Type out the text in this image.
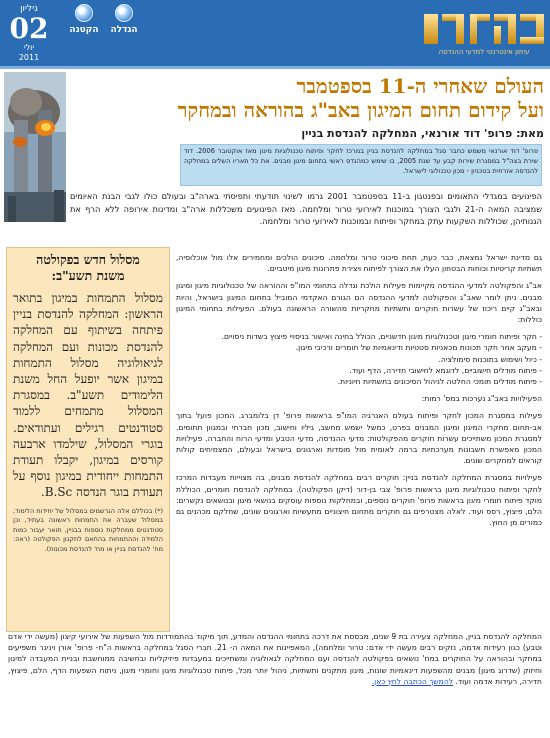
גיליון
02
יולי
2011
הקטנה	הגדלה
עיתון אינטרנטי למדעי ההנדסה
העולם שאחרי ה-11 בספטמבר
ועל קידום תחום המיגון באב"ג בהוראה ובמחקר
מאת: פרופ' דוד אורנאי, המחלקה להנדסת בניין
פרופ' דוד אורנאי משמש כחבר סגל במחלקה להנדסת בניין במרכז לחקר ופיתוח טכנולוגיות מיגון מאז אוקטובר 2006. דוד שירת בצה"ל במסגרת שירות קבע עד שנת 2005, בו שימש כמהנדס ראשי בתחום מיגון מבנים. את כל תאריו השלים במחלקה להנדסה אזרחית בטכניון - מכון טכנולוגי לישראל.
הפיגועים במגדלי התאומים ובפנטגון ב-11 בספטמבר 2001 גרמו לשינוי תודעתי ותפיסתי בארה"ב ובעולם כולו לגבי הבנת האיומים שמציבה המאה ה-21 ולגבי הצורך במוכנות לאירועי טרור ומלחמה. מאז הפיגועים משכללות ארה"ב ומדינות אירופה ללא הרף את הגנותיהן, שכוללות השקעות עתק במחקר ופיתוח ובמוכנות לאירועי טרור ומלחמה.
מסלול חדש בפקולטה
משנת תשע"ב:
מסלול התמחות במיגון בתואר הראשון: המחלקה להנדסת בניין פיתחה בשיתוף עם המחלקה להנדסת מכונות ועם המחלקה לגיאולוגיה מסלול התמחות במיגון אשר יופעל החל משנת הלימודים תשע"ב. במסגרת המסלול מתמחים ללמוד סטודנטים רגילים ועתודאים. בוגרי המסלול, שילמדו ארבעה קורסים במיגון, יקבלו תעודת התמחות ייחודית במיגון נוסף על תעודת בוגר הנדסה B.Sc.
(*) בכוללם אלה הנרשמים במסלול של יחידות הלימוד, במסלול שעברה את התמחות ראשונה בעתיד, וכן סטודנטים ממחלקות נוספות בבניין, תואר יעבור כמות הלמידה וההתמחות בהתאם לתקנון הפקולטה (ראה: מח' להנדסת בניין או מח' להנדסת מכונות).

גם מדינת ישראל נמצאת, כבר כעת, תחת סיכוני טרור ומלחמה. סיכונים הולכים ומחמירים אלו מול אוכלוסיה, תשתיות קריטיות וכוחות הבטחון העלו את הצורך לפיתוח ויצירת פתרונות מיגון מיטביים.

אב"ג והפקולטה למדעי ההנדסה מקיימות פעילות הולכת וגדלה בתחומי המו"פ וההוראה של טכנולוגיות מיגון ומיגון מבנים. ניתן לומר שאב"ג והפקולטה למדעי ההנדסה הם הגורם האקדמי המוביל בתחום המיגון בישראל, והיות ובאב"ג קיים ריכוז של עשרות חוקרים ותשתיות מחקריות מהשורה הראשונה בעולם. הפעילות בתחומי המיגון כוללות:

- חקר ופיתוח חומרי מיגון וטכנולוגיות מיגון חדשניים, הכולל בחינה ואישור בניסויי פיצוץ בשדות ניסויים.
- מעקב אחר חקר תכונות מכאניות סטטיות ודינאמיות של חומרים ורכיבי מיגון.
- כיול ושימוש בתוכנות סימולציה.
- פיתוח מודלים חישוביים, לדוגמא לחישובי חדירה, הדף ועוד.
- פיתוח מודלים תומכי החלטה לניהול הסיכונים בתשתיות חיוניות.

הפעילויות באב"ג נערכות במס' רמות:

פעילות במסגרת המכון לחקר ופיתוח בעולם האנרגיה המו"פ בראשות פרופ' דן בלומברג. המכון פועל בתוך אב-תחום מחקרי המיגון ומיגון המבנים בפרט, כמשל ישמש מחשב, גיליו וחישוב, מכון חברתי ובמגוון תחומים. למסגרת המכון משתייכים עשרות חוקרים מהפקולטות: מדעי ההנדסה, מדעי הטבע ומדעי הרוח והחברה. פעילויות המכון מאפשרת חשבונות מערכתיות ברמה לאומית מול מוסדות וארגונים בישראל ובעולם, המצמיחים קולות קוראים למחקרים שונים.

פעילויות במסגרת המחלקה להנדסת בניין: חוקרים רבים במחלקה להנדסת מבנים, בה מצוייות מעבדות המרכז לחקר ופיתוח טכנולוגיות מיגון בראשות פרופ' צבי בן-דור (דיקן הפקולטה). במחלקה להנדסת חומרים, הכוללת מוקד פיתוח חומרי מיגון בראשות פרופ' חוקרים נוספים, ובמחלקות נוספות עוסקים בנושאי מיגון ובנושאים נקשרים: הלם, פיצוץ, רסס ועוד. לאלה מצטרפים גם חוקרים מתחום חיצוניים מתעשיות וארגונים שונים, שחלקם מכהנים גם כמורים מן החוץ.

המחלקה להנדסת בניין, המחלקה צעירה בת 9 שנים, מבססת את דרכה בתחומי ההנדסה והמדע, תוך מיקוד בהתמודדות מול השפעות של אירועי קיצון (מעשה ידי אדם וטבע) כגון רעידות אדמה, נזקים רבים מעשה ידי אדם: טרור ומלחמה), המאפיינות את המאה ה- 21. חברי הסגל במחלקה בראשות ה"ח- פרופ' אורן ויניגר משפיעים במחקר ובהוראה על החוקרים במח' נושאים בפקולטה להנדסה ועם המחלקה לגאולוגיה ומשתייכים במעבדות פיזיקליות ובחשיבה ממוחשבת ובניית המעבדה למיגון וחיזוק (שדרוג מיגון) מבנים מהשפעות דינאמיות שונות, מיגון מתקנים ותשתיות, ניהול יותר מכל, פיתוח טכנולוגיות מיגון וחומרי מיגון, ניתוח השפעות הדף, הלם, פיצוץ, חדירה, רעידות אדמה ועוד. להמשך הכתבה לחץ כאן.
